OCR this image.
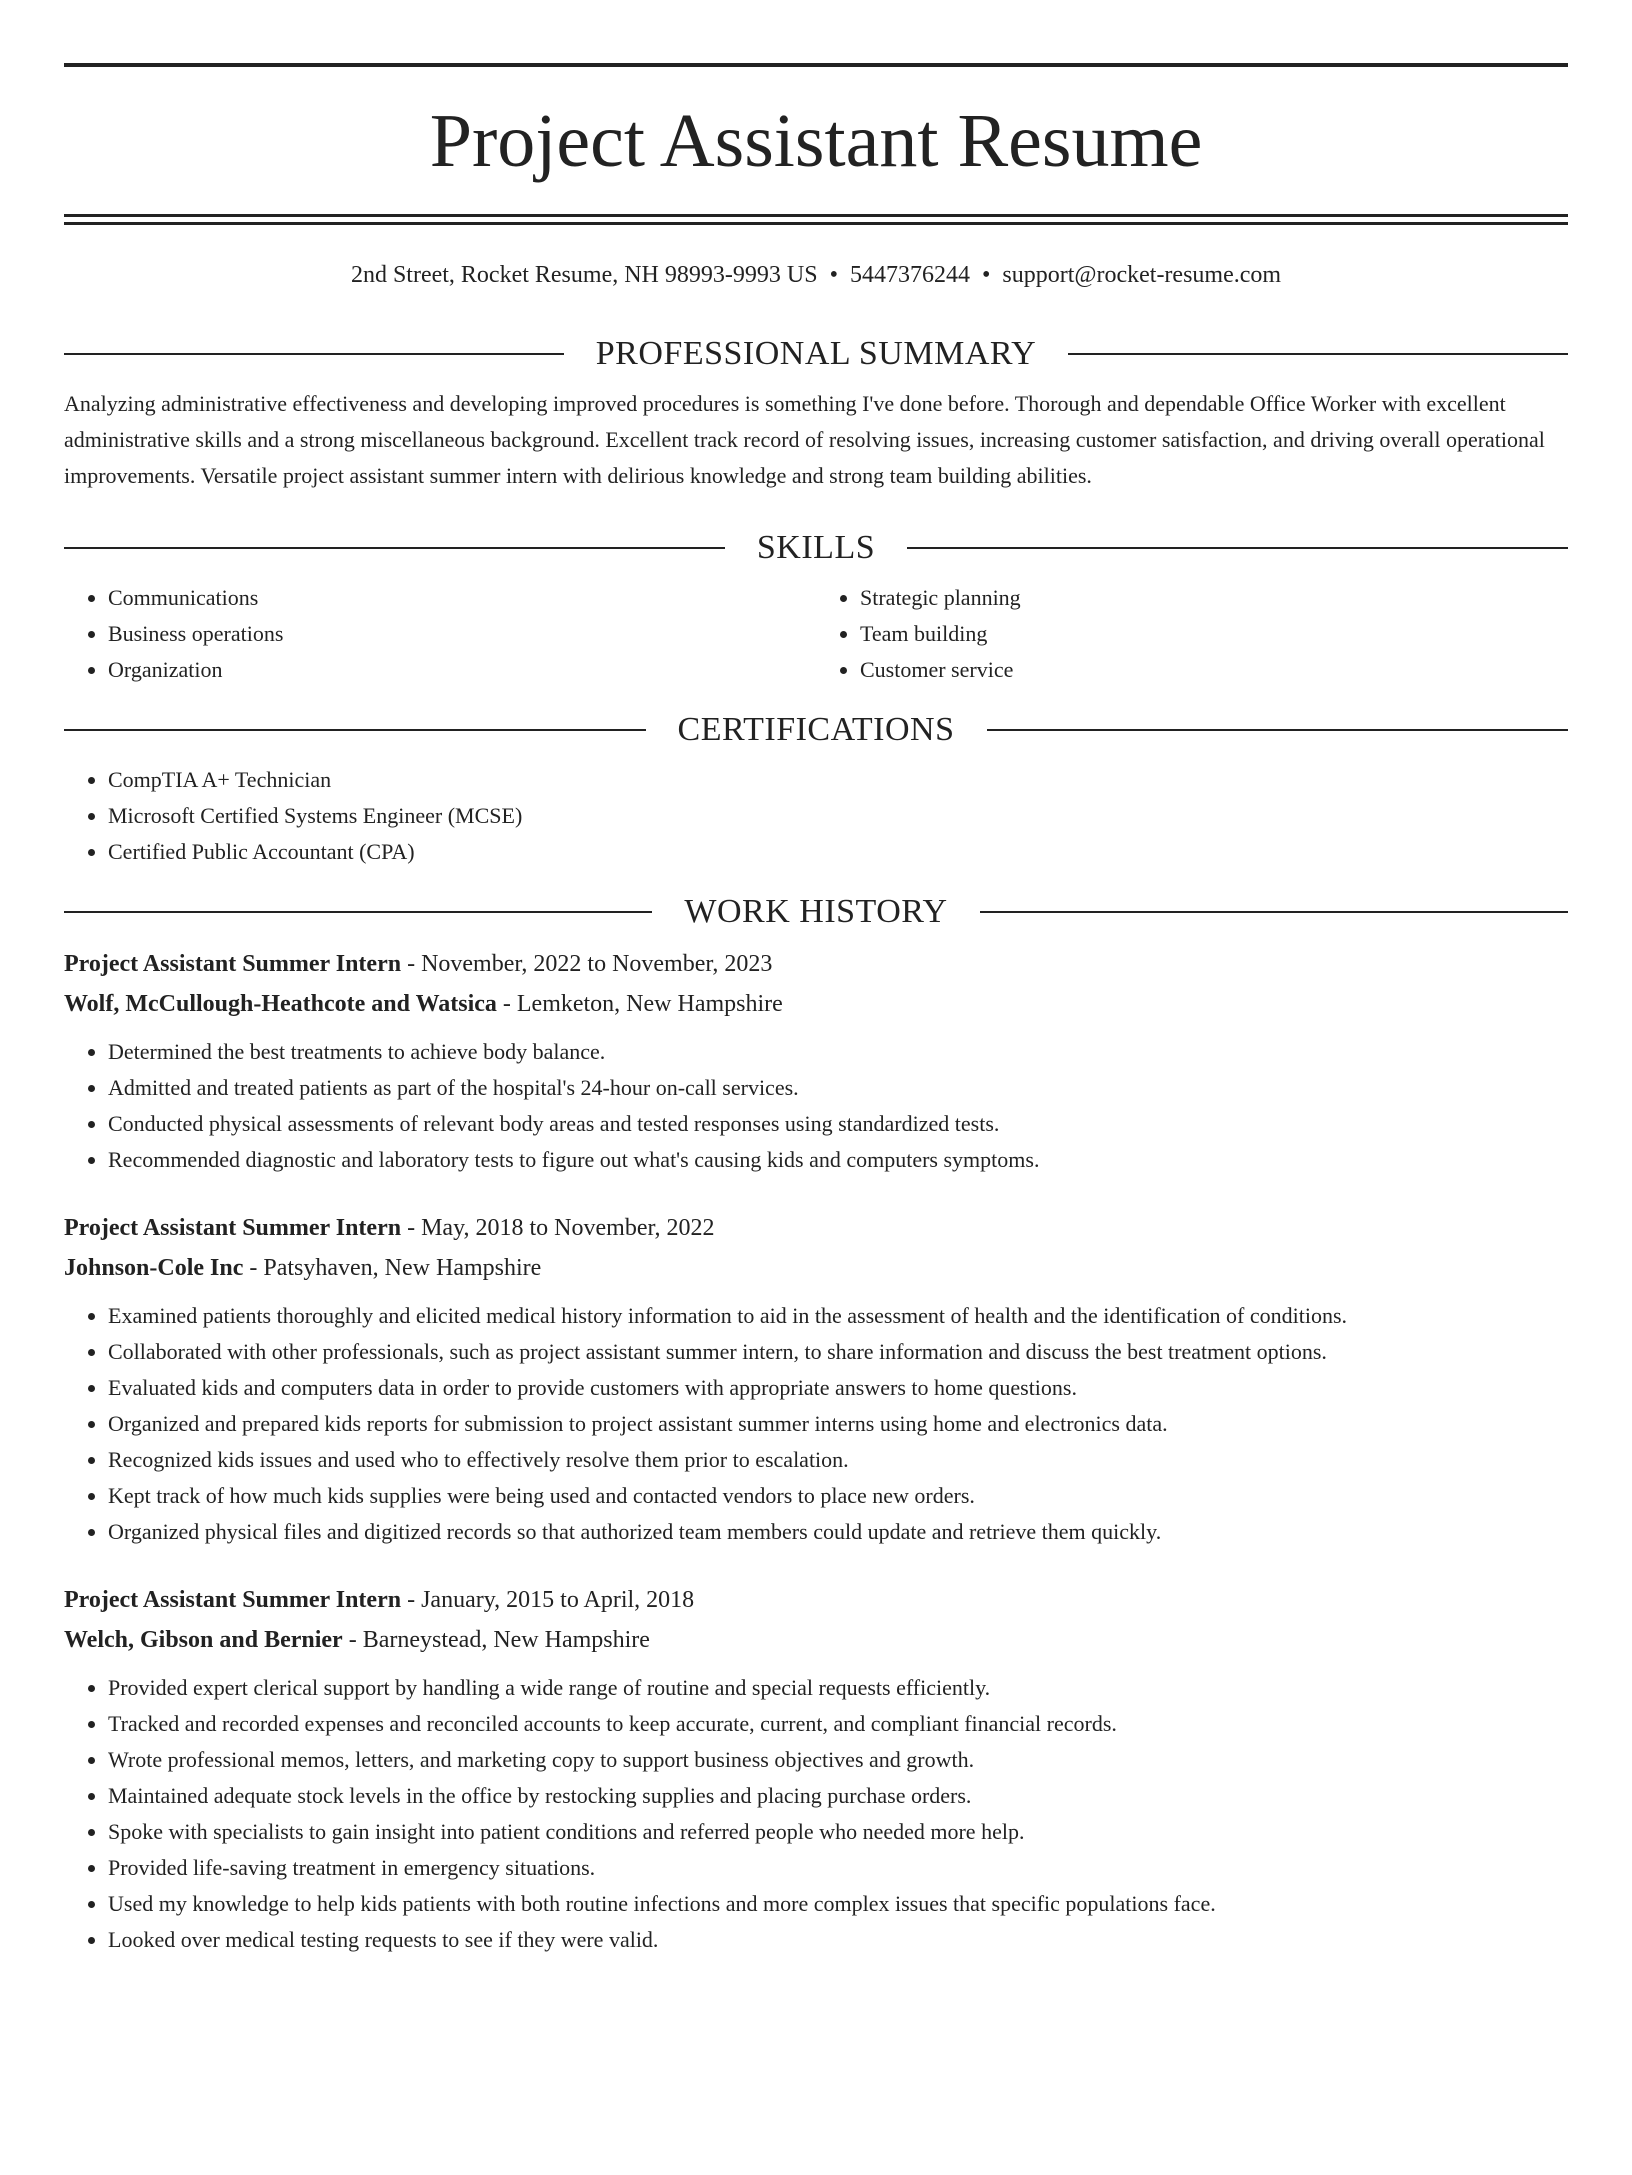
Project Assistant Resume
2nd Street, Rocket Resume, NH 98993-9993 US • 5447376244 • support@rocket-resume.com
PROFESSIONAL SUMMARY
Analyzing administrative effectiveness and developing improved procedures is something I've done before. Thorough and dependable Office Worker with excellent administrative skills and a strong miscellaneous background. Excellent track record of resolving issues, increasing customer satisfaction, and driving overall operational improvements. Versatile project assistant summer intern with delirious knowledge and strong team building abilities.
SKILLS
• Communications
• Business operations
• Organization
• Strategic planning
• Team building
• Customer service
CERTIFICATIONS
• CompTIA A+ Technician
• Microsoft Certified Systems Engineer (MCSE)
• Certified Public Accountant (CPA)
WORK HISTORY
Project Assistant Summer Intern - November, 2022 to November, 2023
Wolf, McCullough-Heathcote and Watsica - Lemketon, New Hampshire
• Determined the best treatments to achieve body balance.
• Admitted and treated patients as part of the hospital's 24-hour on-call services.
• Conducted physical assessments of relevant body areas and tested responses using standardized tests.
• Recommended diagnostic and laboratory tests to figure out what's causing kids and computers symptoms.
Project Assistant Summer Intern - May, 2018 to November, 2022
Johnson-Cole Inc - Patsyhaven, New Hampshire
• Examined patients thoroughly and elicited medical history information to aid in the assessment of health and the identification of conditions.
• Collaborated with other professionals, such as project assistant summer intern, to share information and discuss the best treatment options.
• Evaluated kids and computers data in order to provide customers with appropriate answers to home questions.
• Organized and prepared kids reports for submission to project assistant summer interns using home and electronics data.
• Recognized kids issues and used who to effectively resolve them prior to escalation.
• Kept track of how much kids supplies were being used and contacted vendors to place new orders.
• Organized physical files and digitized records so that authorized team members could update and retrieve them quickly.
Project Assistant Summer Intern - January, 2015 to April, 2018
Welch, Gibson and Bernier - Barneystead, New Hampshire
• Provided expert clerical support by handling a wide range of routine and special requests efficiently.
• Tracked and recorded expenses and reconciled accounts to keep accurate, current, and compliant financial records.
• Wrote professional memos, letters, and marketing copy to support business objectives and growth.
• Maintained adequate stock levels in the office by restocking supplies and placing purchase orders.
• Spoke with specialists to gain insight into patient conditions and referred people who needed more help.
• Provided life-saving treatment in emergency situations.
• Used my knowledge to help kids patients with both routine infections and more complex issues that specific populations face.
• Looked over medical testing requests to see if they were valid.
